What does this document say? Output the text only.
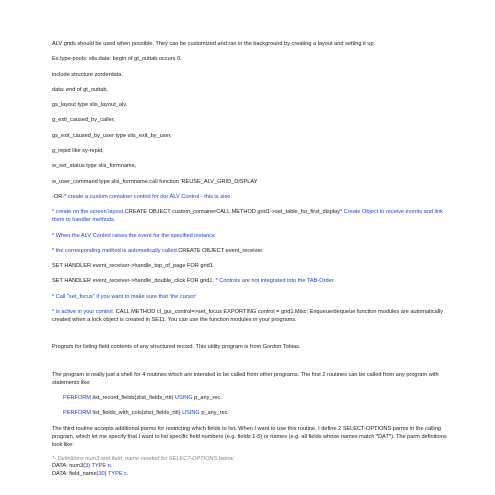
ALV grids should be used when possible. They can be customized and ran in the background by creating a layout and setting it up.

Ex.type-pools: slis.data: begin of gt_outtab occurs 0.

include structure zorderdata.

data: end of gt_outtab,

gs_layout type slis_layout_alv,

g_exit_caused_by_caller,

gs_exit_caused_by_user type slis_exit_by_user,

g_repid like sy-repid,

w_set_status type slis_formname,

w_user_command type slis_formname.call function 'REUSE_ALV_GRID_DISPLAY

-OR-* create a custom container control for our ALV Control - this is also

* create on the screen layout.CREATE OBJECT custom_containerCALL METHOD grid1->set_table_for_first_display* Create Object to receive events and link them to handler methods.

* When the ALV Control raises the event for the specified instance

* the corresponding method is automatically called.CREATE OBJECT event_receiver.

SET HANDLER event_receiver->handle_top_of_page FOR grid1.

SET HANDLER event_receiver->handle_double_click FOR grid1. * Controls are not integrated into the TAB-Order

* Call "set_focus" if you want to make sure that 'the cursor'

* is active in your control. CALL METHOD cl_gui_control=>set_focus EXPORTING control = grid1.Misc: Enqueue/dequeue function modules are automatically created when a lock object is created in SE11. You can use the function modules in your programs.

Program for listing field contents of any structured record. This utility program is from Gordon Tobias.

The program is really just a shell for 4 routines which are intended to be called from other programs. The first 2 routines can be called from any program with statements like:

PERFORM list_record_fields(zlist_fields_rtti) USING p_any_rec.

PERFORM list_fields_with_cols(zlist_fields_rtti) USING p_any_rec.

The third routine accepts additional parms for restricting which fields to list. When I want to use this routine, I define 2 SELECT-OPTIONS parms in the calling program, which let me specify that I want to list specific field numbers (e.g. fields 1-5) or names (e.g. all fields whose names match *DAT*). The parm definitions look like:

*- Definitions num3 and field_name needed for SELECT-OPTIONS below

DATA: num3(3) TYPE n.

DATA: field_name(30) TYPE c.
